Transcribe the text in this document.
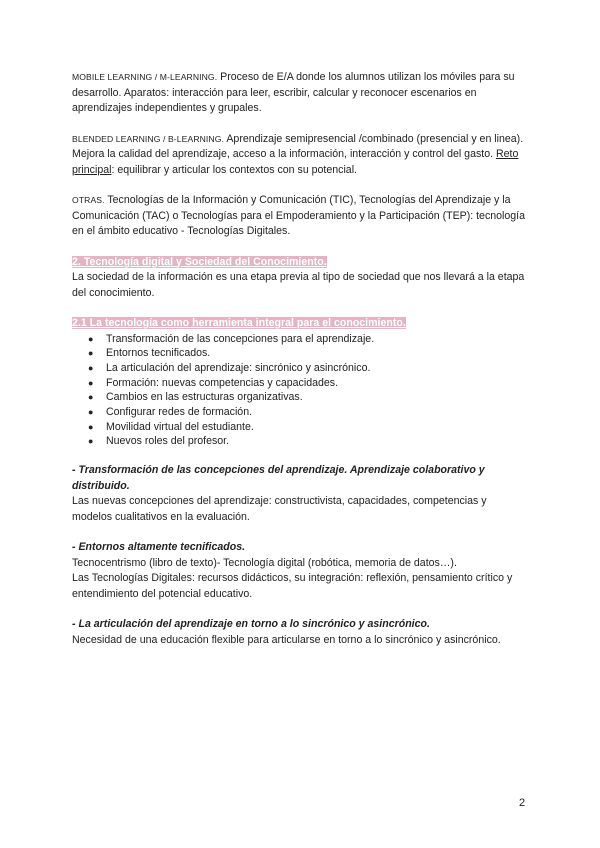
MOBILE LEARNING / M-LEARNING. Proceso de E/A donde los alumnos utilizan los móviles para su desarrollo. Aparatos: interacción para leer, escribir, calcular y reconocer escenarios en aprendizajes independientes y grupales.

BLENDED LEARNING / B-LEARNING. Aprendizaje semipresencial /combinado (presencial y en linea). Mejora la calidad del aprendizaje, acceso a la información, interacción y control del gasto. Reto principal: equilibrar y articular los contextos con su potencial.

OTRAS. Tecnologías de la Información y Comunicación (TIC), Tecnologías del Aprendizaje y la Comunicación (TAC) o Tecnologías para el Empoderamiento y la Participación (TEP): tecnología en el ámbito educativo - Tecnologías Digitales.

2. Tecnología digital y Sociedad del Conocimiento.

La sociedad de la información es una etapa previa al tipo de sociedad que nos llevará a la etapa del conocimiento.

2.1 La tecnología como herramienta integral para el conocimiento.

● Transformación de las concepciones para el aprendizaje.
● Entornos tecnificados.
● La articulación del aprendizaje: sincrónico y asincrónico.
● Formación: nuevas competencias y capacidades.
● Cambios en las estructuras organizativas.
● Configurar redes de formación.
● Movilidad virtual del estudiante.
● Nuevos roles del profesor.

- Transformación de las concepciones del aprendizaje. Aprendizaje colaborativo y distribuido.

Las nuevas concepciones del aprendizaje: constructivista, capacidades, competencias y modelos cualitativos en la evaluación.

- Entornos altamente tecnificados.

Tecnocentrismo (libro de texto)- Tecnología digital (robótica, memoria de datos…).

Las Tecnologías Digitales: recursos didácticos, su integración: reflexión, pensamiento crítico y entendimiento del potencial educativo.

- La articulación del aprendizaje en torno a lo sincrónico y asincrónico.

Necesidad de una educación flexible para articularse en torno a lo sincrónico y asincrónico.

2
